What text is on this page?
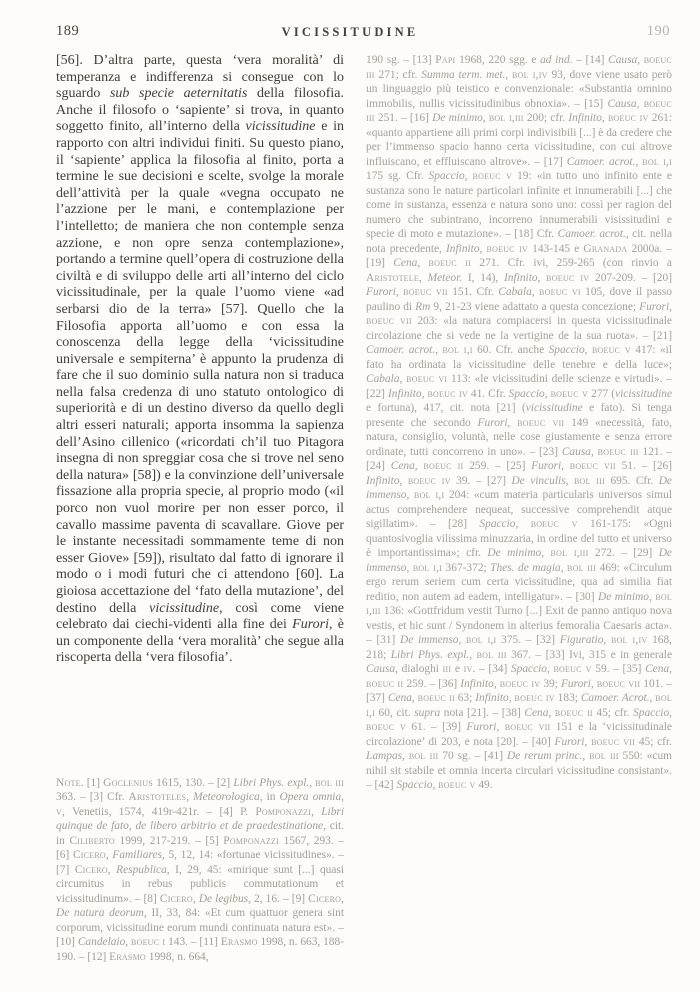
189	VICISSITUDINE	190

[56]. D’altra parte, questa ‘vera moralità’ di temperanza e indifferenza si consegue con lo sguardo sub specie aeternitatis della filosofia. Anche il filosofo o ‘sapiente’ si trova, in quanto soggetto finito, all’interno della vicissitudine e in rapporto con altri individui finiti. Su questo piano, il ‘sapiente’ applica la filosofia al finito, porta a termine le sue decisioni e scelte, svolge la morale dell’attività per la quale «vegna occupato ne l’azzione per le mani, e contemplazione per l’intelletto; de maniera che non contemple senza azzione, e non opre senza contemplazione», portando a termine quell’opera di costruzione della civiltà e di sviluppo delle arti all’interno del ciclo vicissitudinale, per la quale l’uomo viene «ad serbarsi dio de la terra» [57]. Quello che la Filosofia apporta all’uomo e con essa la conoscenza della legge della ‘vicissitudine universale e sempiterna’ è appunto la prudenza di fare che il suo dominio sulla natura non si traduca nella falsa credenza di uno statuto ontologico di superiorità e di un destino diverso da quello degli altri esseri naturali; apporta insomma la sapienza dell’Asino cillenico («ricordati ch’il tuo Pitagora insegna di non spreggiar cosa che si trove nel seno della natura» [58]) e la convinzione dell’universale fissazione alla propria specie, al proprio modo («il porco non vuol morire per non esser porco, il cavallo massime paventa di scavallare. Giove per le instante necessitadi sommamente teme di non esser Giove» [59]), risultato dal fatto di ignorare il modo o i modi futuri che ci attendono [60]. La gioiosa accettazione del ‘fato della mutazione’, del destino della vicissitudine, così come viene celebrato dai ciechi-videnti alla fine dei Furori, è un componente della ‘vera moralità’ che segue alla riscoperta della ‘vera filosofia’.

Note. [1] Goclenius 1615, 130. – [2] Libri Phys. expl., bol iii 363. – [3] Cfr. Aristoteles, Meteorologica, in Opera omnia, v, Venetiis, 1574, 419r-421r. – [4] P. Pomponazzi, Libri quinque de fato, de libero arbitrio et de praedestinatione, cit. in Ciliberto 1999, 217-219. – [5] Pomponazzi 1567, 293. – [6] Cicero, Familiares, 5, 12, 14: «fortunae vicissitudines». – [7] Cicero, Respublica, I, 29, 45: «mirique sunt [...] quasi circumitus in rebus publicis commutationum et vicissitudinum». – [8] Cicero, De legibus, 2, 16. – [9] Cicero, De natura deorum, II, 33, 84: «Et cum quattuor genera sint corporum, vicissitudine eorum mundi continuata natura est». – [10] Candelaio, boeuc i 143. – [11] Erasmo 1998, n. 663, 188-190. – [12] Erasmo 1998, n. 664,

190 sg. – [13] Papi 1968, 220 sgg. e ad ind. – [14] Causa, boeuc iii 271; cfr. Summa term. met., bol i,iv 93, dove viene usato però un linguaggio più teistico e convenzionale: «Substantia omnino immobilis, nullis vicissitudinibus obnoxia». – [15] Causa, boeuc iii 251. – [16] De minimo, bol i,iii 200; cfr. Infinito, boeuc iv 261: «quanto appartiene alli primi corpi indivisibili [...] è da credere che per l’immenso spacio hanno certa vicissitudine, con cui altrove influiscano, et effluiscano altrove». – [17] Camoer. acrot., bol i,i 175 sg. Cfr. Spaccio, boeuc v 19: «in tutto uno infinito ente e sustanza sono le nature particolari infinite et innumerabili [...] che come in sustanza, essenza e natura sono uno: cossì per ragion del numero che subintrano, incorreno innumerabili visissitudini e specie di moto e mutazione». – [18] Cfr. Camoer. acrot., cit. nella nota precedente, Infinito, boeuc iv 143-145 e Granada 2000a. – [19] Cena, boeuc ii 271. Cfr. ivi, 259-265 (con rinvio a Aristotele, Meteor. I, 14), Infinito, boeuc iv 207-209. – [20] Furori, boeuc vii 151. Cfr. Cabala, boeuc vi 105, dove il passo paulino di Rm 9, 21-23 viene adattato a questa concezione; Furori, boeuc vii 203: «la natura compiacersi in questa vicissitudinale circolazione che si vede ne la vertigine de la sua ruota». – [21] Camoer. acrot., bol i,i 60. Cfr. anche Spaccio, boeuc v 417: «il fato ha ordinata la vicissitudine delle tenebre e della luce»; Cabala, boeuc vi 113: «le vicissitudini delle scienze e virtudi». – [22] Infinito, boeuc iv 41. Cfr. Spaccio, boeuc v 277 (vicissitudine e fortuna), 417, cit. nota [21] (vicissitudine e fato). Si tenga presente che secondo Furori, boeuc vii 149 «necessità, fato, natura, consiglio, voluntà, nelle cose giustamente e senza errore ordinate, tutti concorreno in uno». – [23] Causa, boeuc iii 121. – [24] Cena, boeuc ii 259. – [25] Furori, boeuc vii 51. – [26] Infinito, boeuc iv 39. – [27] De vinculis, bol iii 695. Cfr. De immenso, bol i,i 204: «cum materia particularis universos simul actus comprehendere nequeat, successive comprehendit atque sigillatim». – [28] Spaccio, boeuc v 161-175: «Ogni quantosivoglia vilissima minuzzaria, in ordine del tutto et universo è importantissima»; cfr. De minimo, bol i,iii 272. – [29] De immenso, bol i,i 367-372; Thes. de magia, bol iii 469: «Circulum ergo rerum seriem cum certa vicissitudine, qua ad similia fiat reditio, non autem ad eadem, intelligatur». – [30] De minimo, bol i,iii 136: «Gottfridum vestit Turno [...] Exit de panno antiquo nova vestis, et hic sunt / Syndonem in alterius femoralia Caesaris acta». – [31] De immenso, bol i,i 375. – [32] Figuratio, bol i,iv 168, 218; Libri Phys. expl., bol iii 367. – [33] Ivi, 315 e in generale Causa, dialoghi iii e iv. – [34] Spaccio, boeuc v 59. – [35] Cena, boeuc ii 259. – [36] Infinito, boeuc iv 39; Furori, boeuc vii 101. – [37] Cena, boeuc ii 63; Infinito, boeuc iv 183; Camoer. Acrot., bol i,i 60, cit. supra nota [21]. – [38] Cena, boeuc ii 45; cfr. Spaccio, boeuc v 61. – [39] Furori, boeuc vii 151 e la ‘vicissitudinale circolazione’ di 203, e nota [20]. – [40] Furori, boeuc vii 45; cfr. Lampas, bol iii 70 sg. – [41] De rerum princ., bol iii 550: «cum nihil sit stabile et omnia incerta circulari vicissitudine consistant». – [42] Spaccio, boeuc v 49.
